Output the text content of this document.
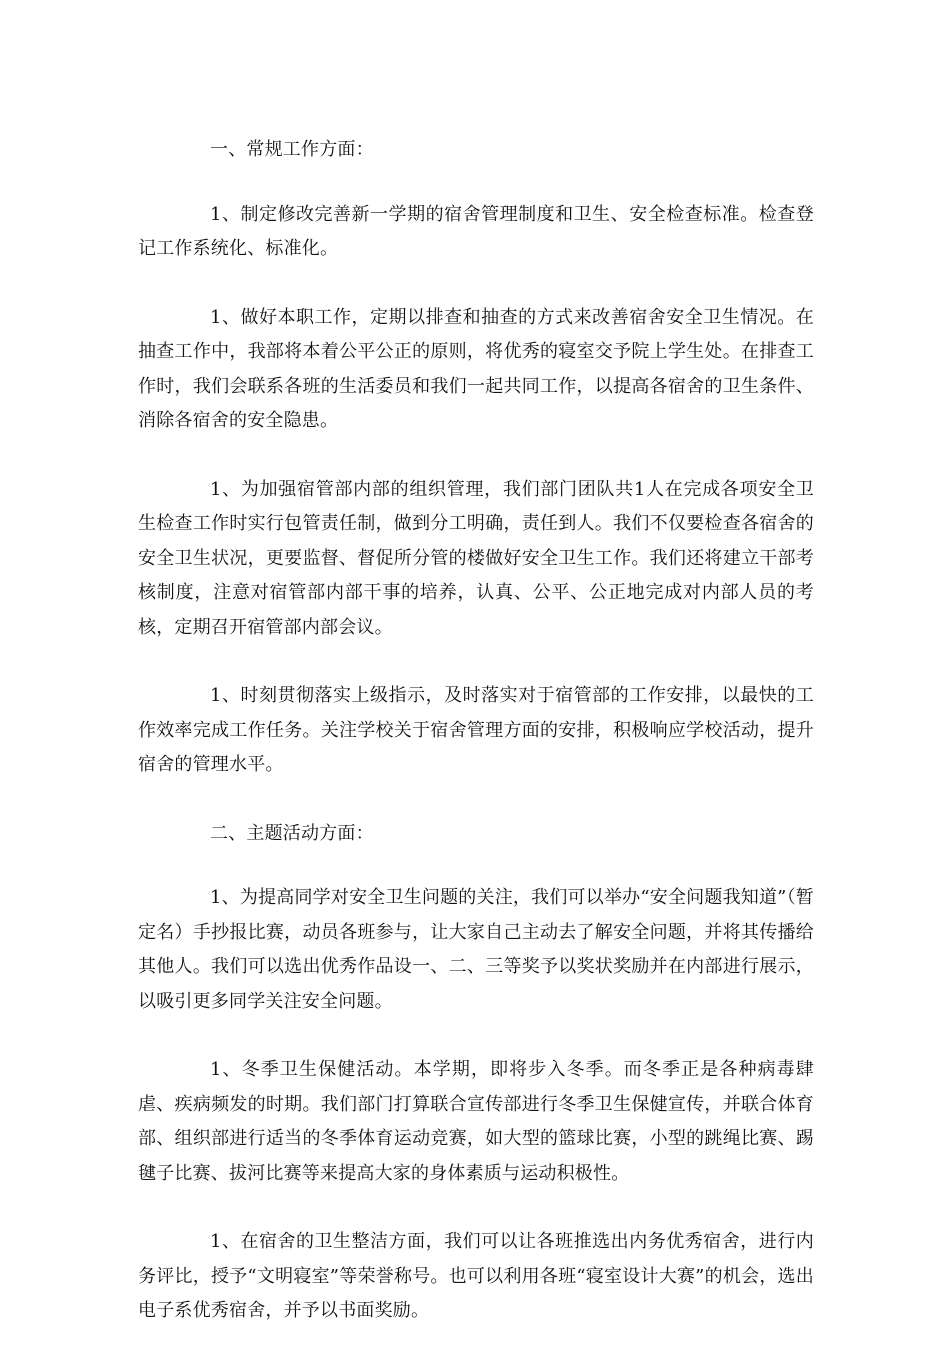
一、常规工作方面：

1、制定修改完善新一学期的宿舍管理制度和卫生、安全检查标准。检查登记工作系统化、标准化。

1、做好本职工作，定期以排查和抽查的方式来改善宿舍安全卫生情况。在抽查工作中，我部将本着公平公正的原则，将优秀的寝室交予院上学生处。在排查工作时，我们会联系各班的生活委员和我们一起共同工作，以提高各宿舍的卫生条件、消除各宿舍的安全隐患。

1、为加强宿管部内部的组织管理，我们部门团队共1人在完成各项安全卫生检查工作时实行包管责任制，做到分工明确，责任到人。我们不仅要检查各宿舍的安全卫生状况，更要监督、督促所分管的楼做好安全卫生工作。我们还将建立干部考核制度，注意对宿管部内部干事的培养，认真、公平、公正地完成对内部人员的考核，定期召开宿管部内部会议。

1、时刻贯彻落实上级指示，及时落实对于宿管部的工作安排，以最快的工作效率完成工作任务。关注学校关于宿舍管理方面的安排，积极响应学校活动，提升宿舍的管理水平。

二、主题活动方面：

1、为提高同学对安全卫生问题的关注，我们可以举办“安全问题我知道”（暂定名）手抄报比赛，动员各班参与，让大家自己主动去了解安全问题，并将其传播给其他人。我们可以选出优秀作品设一、二、三等奖予以奖状奖励并在内部进行展示，以吸引更多同学关注安全问题。

1、冬季卫生保健活动。本学期，即将步入冬季。而冬季正是各种病毒肆虐、疾病频发的时期。我们部门打算联合宣传部进行冬季卫生保健宣传，并联合体育部、组织部进行适当的冬季体育运动竞赛，如大型的篮球比赛，小型的跳绳比赛、踢毽子比赛、拔河比赛等来提高大家的身体素质与运动积极性。

1、在宿舍的卫生整洁方面，我们可以让各班推选出内务优秀宿舍，进行内务评比，授予“文明寝室”等荣誉称号。也可以利用各班“寝室设计大赛”的机会，选出电子系优秀宿舍，并予以书面奖励。
